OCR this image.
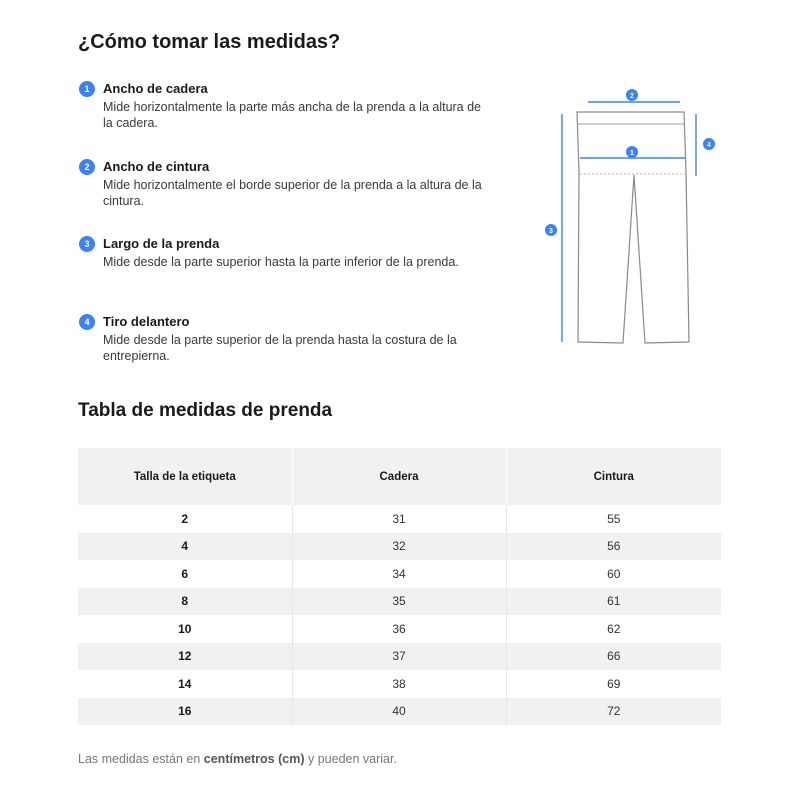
¿Cómo tomar las medidas?
1	Ancho de cadera
Mide horizontalmente la parte más ancha de la prenda a la altura de la cadera.
2	Ancho de cintura
Mide horizontalmente el borde superior de la prenda a la altura de la cintura.
3	Largo de la prenda
Mide desde la parte superior hasta la parte inferior de la prenda.
4	Tiro delantero
Mide desde la parte superior de la prenda hasta la costura de la entrepierna.
2
1
4
3
Tabla de medidas de prenda
Talla de la etiqueta	Cadera	Cintura
2	31	55
4	32	56
6	34	60
8	35	61
10	36	62
12	37	66
14	38	69
16	40	72
Las medidas están en centímetros (cm) y pueden variar.
